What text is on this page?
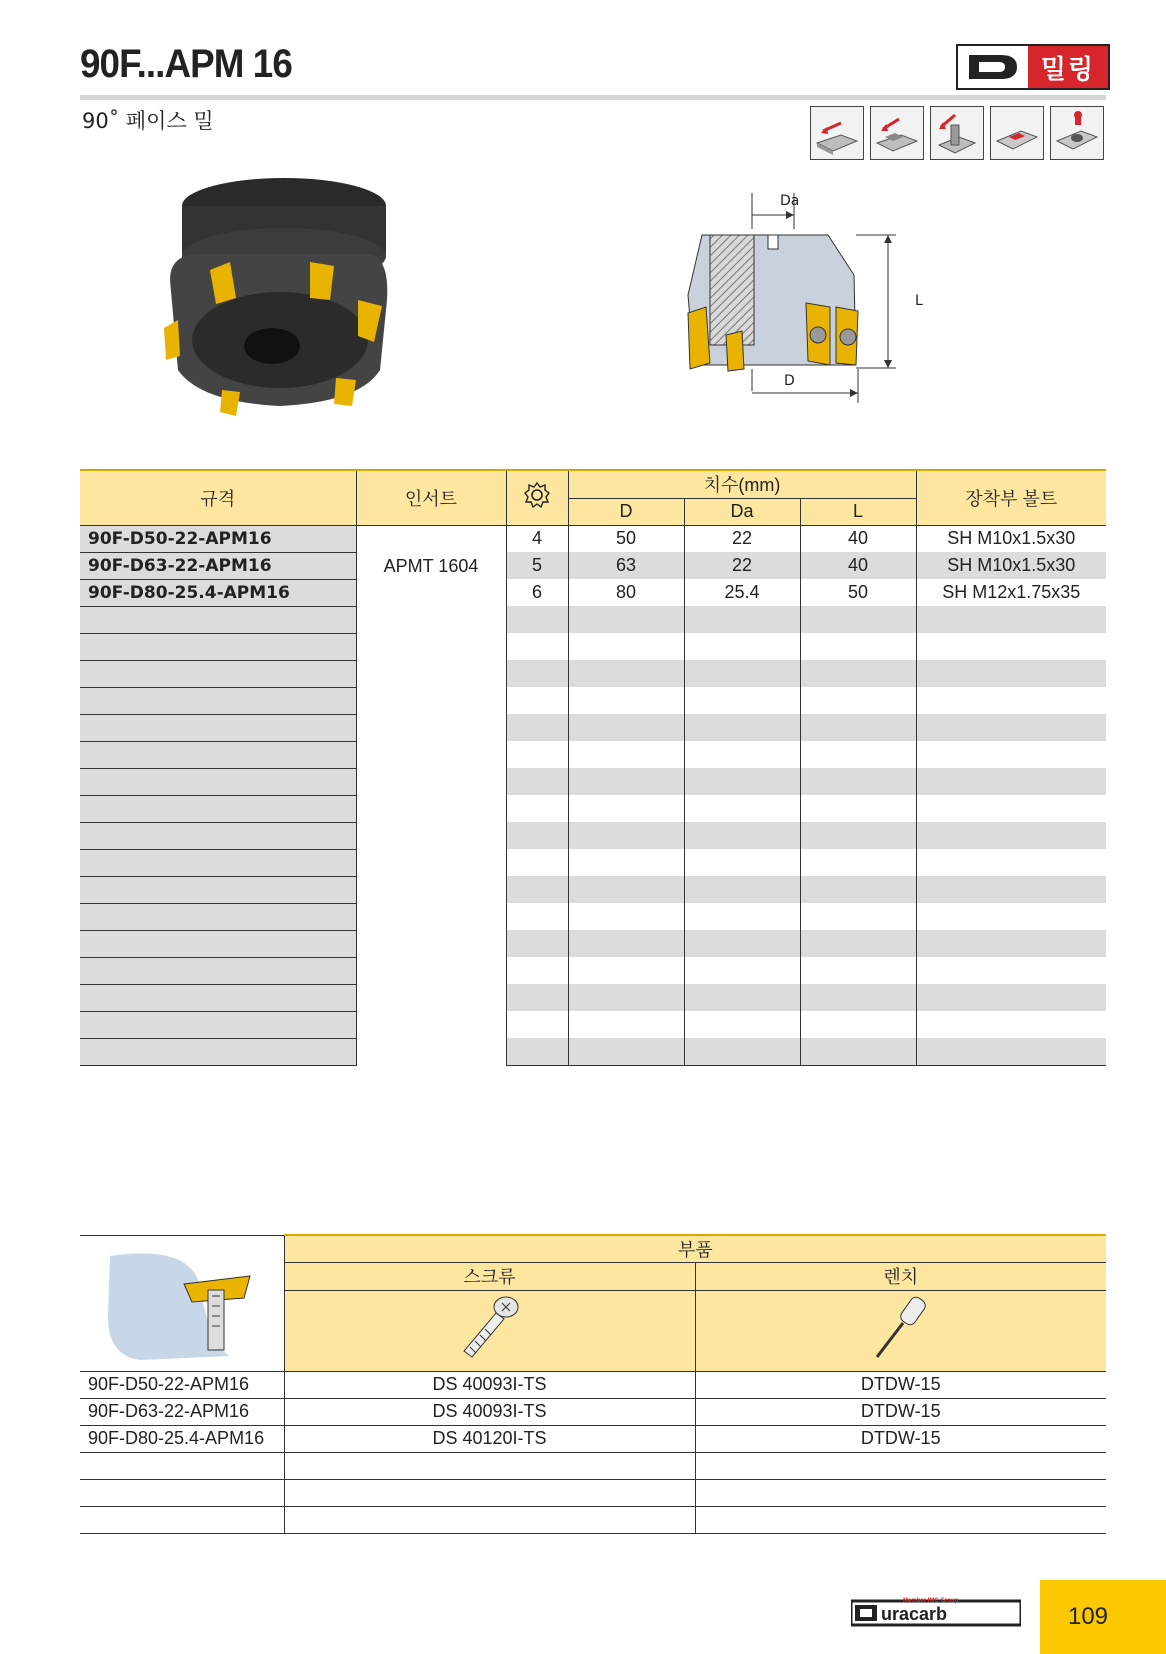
90F...APM 16
90˚ 페이스 밀
밀링
Da
L
D
규격	인서트		치수(mm)			장착부 볼트
			D	Da	L	
90F-D50-22-APM16	APMT 1604	4	50	22	40	SH M10x1.5x30
90F-D63-22-APM16		5	63	22	40	SH M10x1.5x30
90F-D80-25.4-APM16		6	80	25.4	50	SH M12x1.75x35

	부품	
	스크류	렌치

90F-D50-22-APM16	DS 40093I-TS	DTDW-15
90F-D63-22-APM16	DS 40093I-TS	DTDW-15
90F-D80-25.4-APM16	DS 40120I-TS	DTDW-15

uracarb
Member IMC Group
109
